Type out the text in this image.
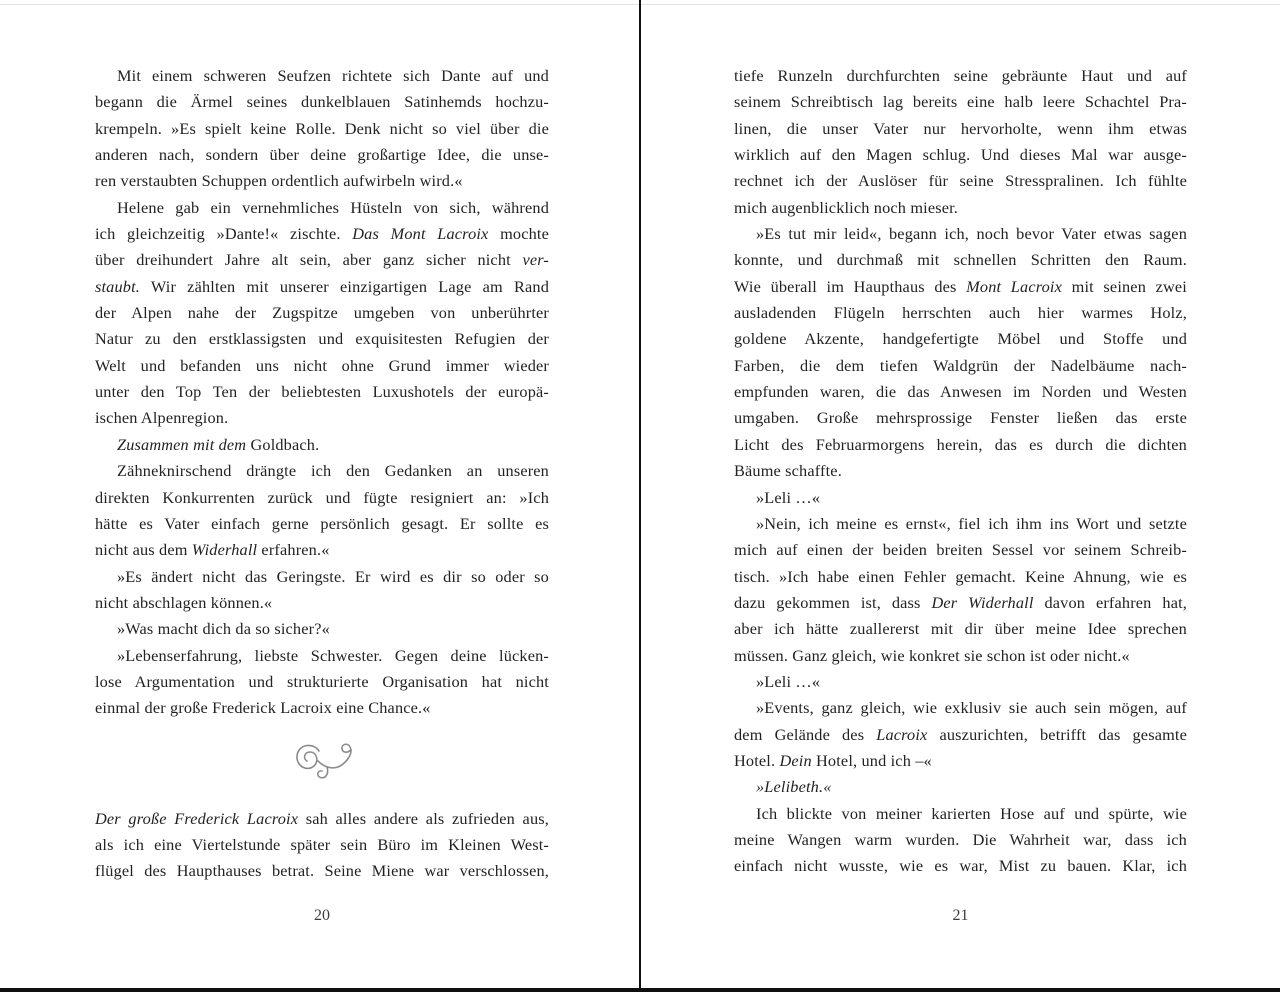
Mit einem schweren Seufzen richtete sich Dante auf und
begann die Ärmel seines dunkelblauen Satinhemds hochzu-
krempeln. »Es spielt keine Rolle. Denk nicht so viel über die
anderen nach, sondern über deine großartige Idee, die unse-
ren verstaubten Schuppen ordentlich aufwirbeln wird.«
Helene gab ein vernehmliches Hüsteln von sich, während
ich gleichzeitig »Dante!« zischte. Das Mont Lacroix mochte
über dreihundert Jahre alt sein, aber ganz sicher nicht ver-
staubt. Wir zählten mit unserer einzigartigen Lage am Rand
der Alpen nahe der Zugspitze umgeben von unberührter
Natur zu den erstklassigsten und exquisitesten Refugien der
Welt und befanden uns nicht ohne Grund immer wieder
unter den Top Ten der beliebtesten Luxushotels der europä-
ischen Alpenregion.
Zusammen mit dem Goldbach.
Zähneknirschend drängte ich den Gedanken an unseren
direkten Konkurrenten zurück und fügte resigniert an: »Ich
hätte es Vater einfach gerne persönlich gesagt. Er sollte es
nicht aus dem Widerhall erfahren.«
»Es ändert nicht das Geringste. Er wird es dir so oder so
nicht abschlagen können.«
»Was macht dich da so sicher?«
»Lebenserfahrung, liebste Schwester. Gegen deine lücken-
lose Argumentation und strukturierte Organisation hat nicht
einmal der große Frederick Lacroix eine Chance.«
Der große Frederick Lacroix sah alles andere als zufrieden aus,
als ich eine Viertelstunde später sein Büro im Kleinen West-
flügel des Haupthauses betrat. Seine Miene war verschlossen,
tiefe Runzeln durchfurchten seine gebräunte Haut und auf
seinem Schreibtisch lag bereits eine halb leere Schachtel Pra-
linen, die unser Vater nur hervorholte, wenn ihm etwas
wirklich auf den Magen schlug. Und dieses Mal war ausge-
rechnet ich der Auslöser für seine Stresspralinen. Ich fühlte
mich augenblicklich noch mieser.
»Es tut mir leid«, begann ich, noch bevor Vater etwas sagen
konnte, und durchmaß mit schnellen Schritten den Raum.
Wie überall im Haupthaus des Mont Lacroix mit seinen zwei
ausladenden Flügeln herrschten auch hier warmes Holz,
goldene Akzente, handgefertigte Möbel und Stoffe und
Farben, die dem tiefen Waldgrün der Nadelbäume nach-
empfunden waren, die das Anwesen im Norden und Westen
umgaben. Große mehrsprossige Fenster ließen das erste
Licht des Februarmorgens herein, das es durch die dichten
Bäume schaffte.
»Leli …«
»Nein, ich meine es ernst«, fiel ich ihm ins Wort und setzte
mich auf einen der beiden breiten Sessel vor seinem Schreib-
tisch. »Ich habe einen Fehler gemacht. Keine Ahnung, wie es
dazu gekommen ist, dass Der Widerhall davon erfahren hat,
aber ich hätte zuallererst mit dir über meine Idee sprechen
müssen. Ganz gleich, wie konkret sie schon ist oder nicht.«
»Leli …«
»Events, ganz gleich, wie exklusiv sie auch sein mögen, auf
dem Gelände des Lacroix auszurichten, betrifft das gesamte
Hotel. Dein Hotel, und ich –«
»Lelibeth.«
Ich blickte von meiner karierten Hose auf und spürte, wie
meine Wangen warm wurden. Die Wahrheit war, dass ich
einfach nicht wusste, wie es war, Mist zu bauen. Klar, ich
20	21
